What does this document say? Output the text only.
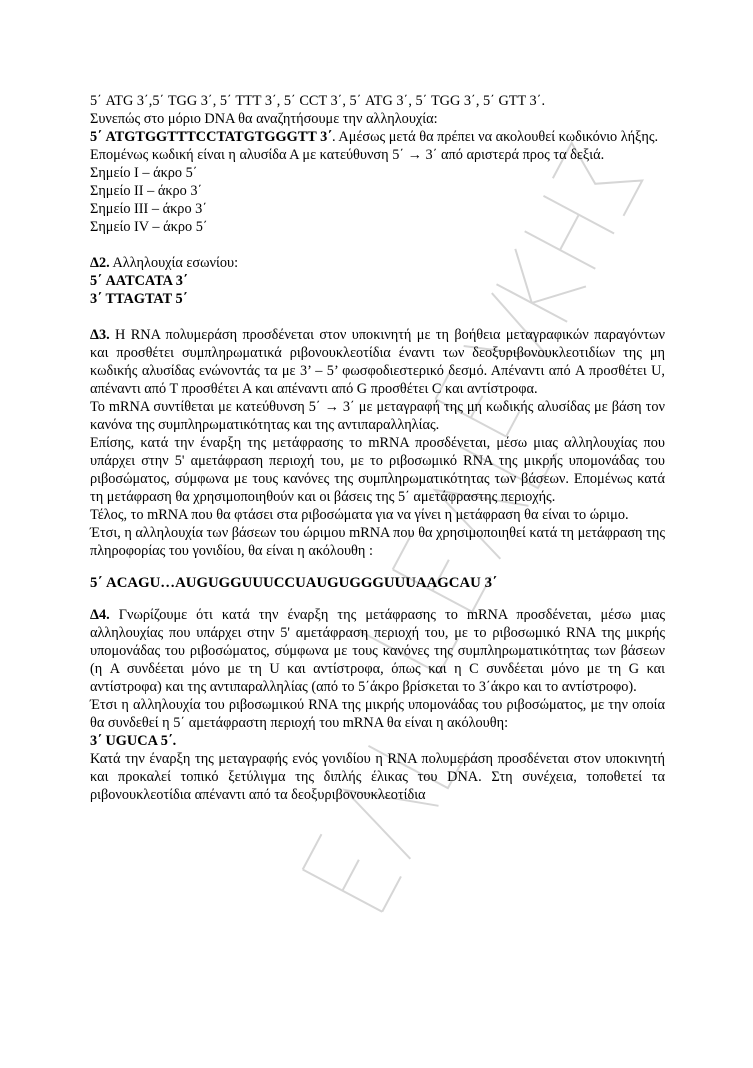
5΄ ATG 3΄,5΄ TGG 3΄, 5΄ TTT 3΄, 5΄ CCT 3΄, 5΄ ATG 3΄, 5΄ TGG 3΄, 5΄ GTT 3΄.
Συνεπώς στο μόριο DNA θα αναζητήσουμε την αλληλουχία:
5΄ ATGTGGTTTCCTATGTGGGTT 3΄. Αμέσως μετά θα πρέπει να ακολουθεί κωδικόνιο λήξης.
Επομένως κωδική είναι η αλυσίδα Α με κατεύθυνση 5΄ → 3΄ από αριστερά προς τα δεξιά.
Σημείο Ι – άκρο 5΄
Σημείο ΙΙ – άκρο 3΄
Σημείο ΙΙΙ – άκρο 3΄
Σημείο ΙV – άκρο 5΄
Δ2. Αλληλουχία εσωνίου:
5΄ AATCATA 3΄
3΄ TTAGTAT 5΄
Δ3. Η RNA πολυμεράση προσδένεται στον υποκινητή με τη βοήθεια μεταγραφικών παραγόντων και προσθέτει συμπληρωματικά ριβονουκλεοτίδια έναντι των δεοξυριβονουκλεοτιδίων της μη κωδικής αλυσίδας ενώνοντάς τα με 3’ – 5’ φωσφοδιεστερικό δεσμό. Απέναντι από A προσθέτει U, απέναντι από Τ προσθέτει Α και απέναντι από G προσθέτει C και αντίστροφα.
Το mRNA συντίθεται με κατεύθυνση 5΄ → 3΄ με μεταγραφή της μη κωδικής αλυσίδας με βάση τον κανόνα της συμπληρωματικότητας και της αντιπαραλληλίας.
Επίσης, κατά την έναρξη της μετάφρασης το mRNA προσδένεται, μέσω μιας αλληλουχίας που υπάρχει στην 5' αμετάφραση περιοχή του, με το ριβοσωμικό RNA της μικρής υπομονάδας του ριβοσώματος, σύμφωνα με τους κανόνες της συμπληρωματικότητας των βάσεων. Επομένως κατά τη μετάφραση θα χρησιμοποιηθούν και οι βάσεις της 5΄ αμετάφραστης περιοχής.
Τέλος, το mRNA που θα φτάσει στα ριβοσώματα για να γίνει η μετάφραση θα είναι το ώριμο.
Έτσι, η αλληλουχία των βάσεων του ώριμου mRNA που θα χρησιμοποιηθεί κατά τη μετάφραση της πληροφορίας του γονιδίου, θα είναι η ακόλουθη :
5΄ ACAGU…AUGUGGUUUCCUAUGUGGGUUUAAGCAU 3΄
Δ4. Γνωρίζουμε ότι κατά την έναρξη της μετάφρασης το mRNA προσδένεται, μέσω μιας αλληλουχίας που υπάρχει στην 5' αμετάφραση περιοχή του, με το ριβοσωμικό RNA της μικρής υπομονάδας του ριβοσώματος, σύμφωνα με τους κανόνες της συμπληρωματικότητας των βάσεων (η A συνδέεται μόνο με τη U και αντίστροφα, όπως και η C συνδέεται μόνο με τη G και αντίστροφα) και της αντιπαραλληλίας (από το 5΄άκρο βρίσκεται το 3΄άκρο και το αντίστροφο).
Έτσι η αλληλουχία του ριβοσωμικού RNA της μικρής υπομονάδας του ριβοσώματος, με την οποία θα συνδεθεί η 5΄ αμετάφραστη περιοχή του mRNA θα είναι η ακόλουθη:
3΄ UGUCA 5΄.
Κατά την έναρξη της μεταγραφής ενός γονιδίου η RNA πολυμεράση προσδένεται στον υποκινητή και προκαλεί τοπικό ξετύλιγμα της διπλής έλικας του DNA. Στη συνέχεια, τοποθετεί τα ριβονουκλεοτίδια απέναντι από τα δεοξυριβονουκλεοτίδια
